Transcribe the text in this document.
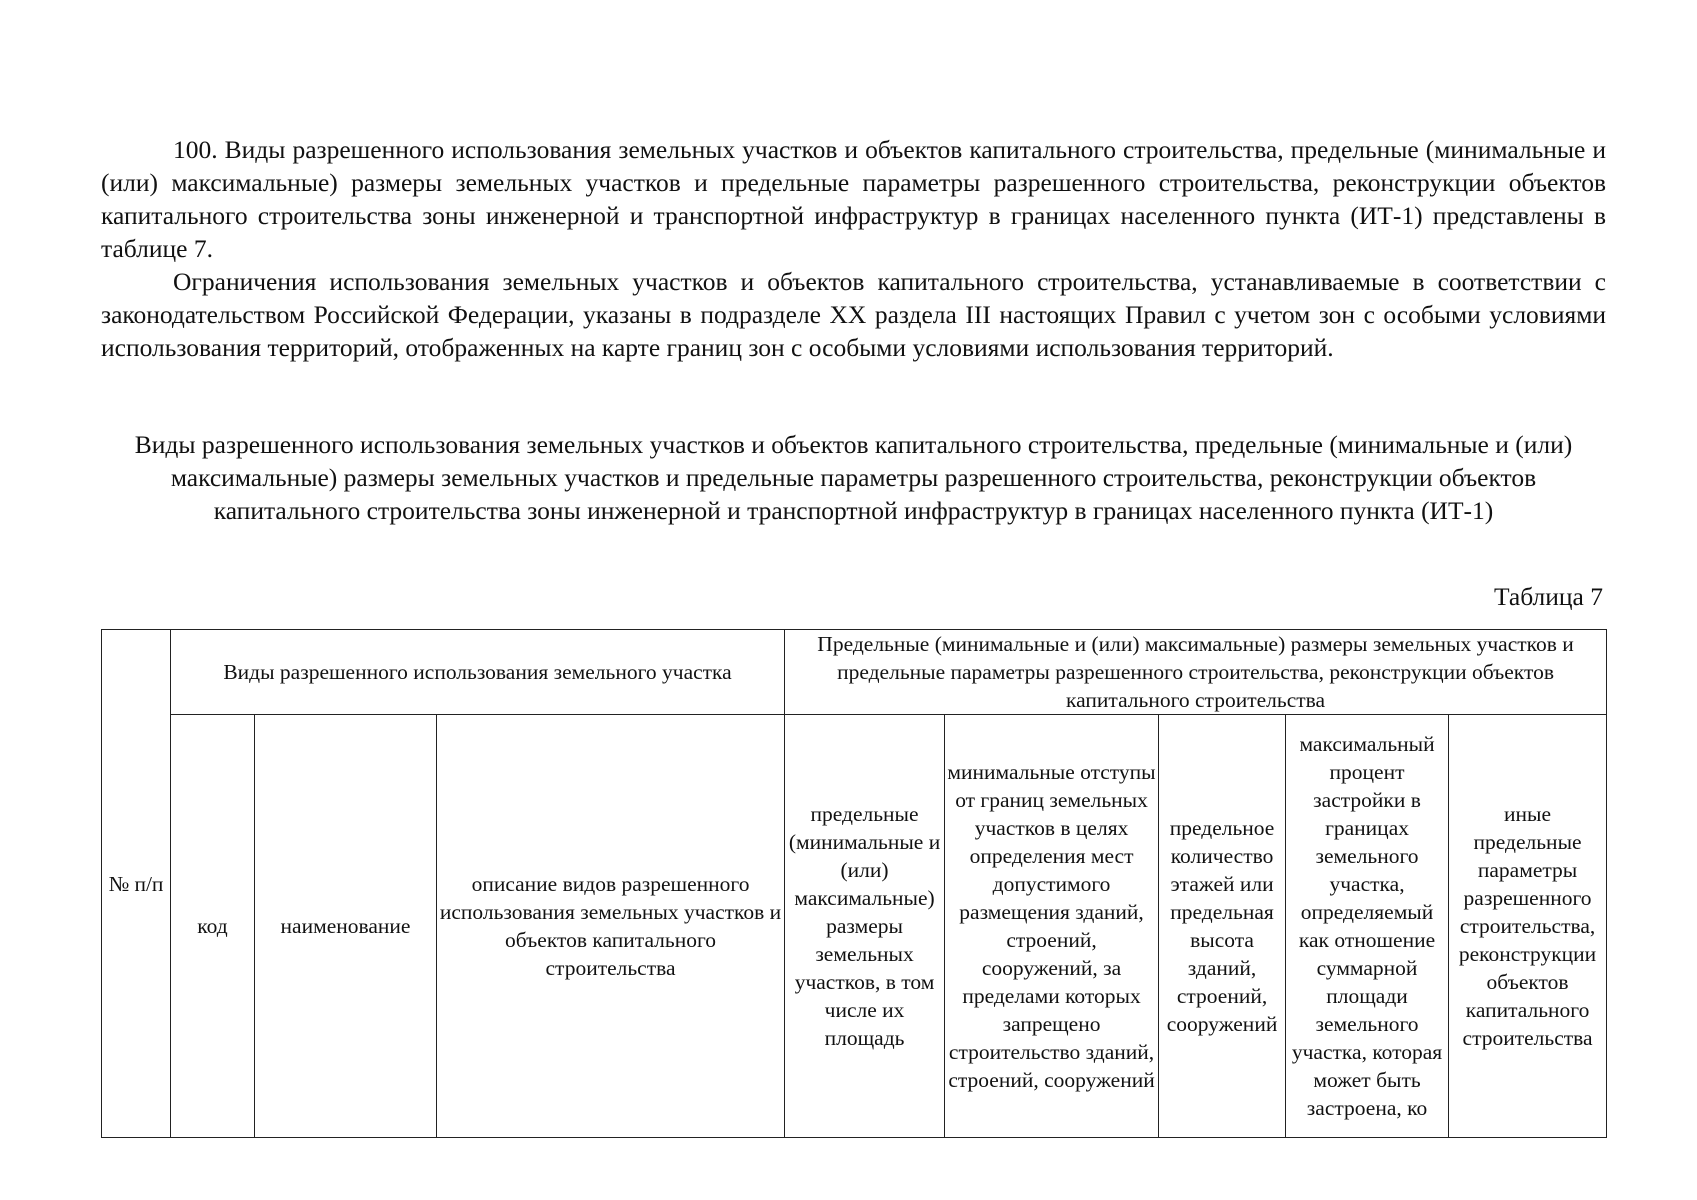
100. Виды разрешенного использования земельных участков и объектов капитального строительства, предельные (минимальные и (или) максимальные) размеры земельных участков и предельные параметры разрешенного строительства, реконструкции объектов капитального строительства зоны инженерной и транспортной инфраструктур в границах населенного пункта (ИТ-1) представлены в таблице 7.

Ограничения использования земельных участков и объектов капитального строительства, устанавливаемые в соответствии с законодательством Российской Федерации, указаны в подразделе XX раздела III настоящих Правил с учетом зон с особыми условиями использования территорий, отображенных на карте границ зон с особыми условиями использования территорий.

Виды разрешенного использования земельных участков и объектов капитального строительства, предельные (минимальные и (или) максимальные) размеры земельных участков и предельные параметры разрешенного строительства, реконструкции объектов капитального строительства зоны инженерной и транспортной инфраструктур в границах населенного пункта (ИТ-1)

Таблица 7

№ п/п	Виды разрешенного использования земельного участка			Предельные (минимальные и (или) максимальные) размеры земельных участков и предельные параметры разрешенного строительства, реконструкции объектов капитального строительства				
	код	наименование	описание видов разрешенного использования земельных участков и объектов капитального строительства	предельные (минимальные и (или) максимальные) размеры земельных участков, в том числе их площадь	минимальные отступы от границ земельных участков в целях определения мест допустимого размещения зданий, строений, сооружений, за пределами которых запрещено строительство зданий, строений, сооружений	предельное количество этажей или предельная высота зданий, строений, сооружений	максимальный процент застройки в границах земельного участка, определяемый как отношение суммарной площади земельного участка, которая может быть застроена, ко	иные предельные параметры разрешенного строительства, реконструкции объектов капитального строительства
